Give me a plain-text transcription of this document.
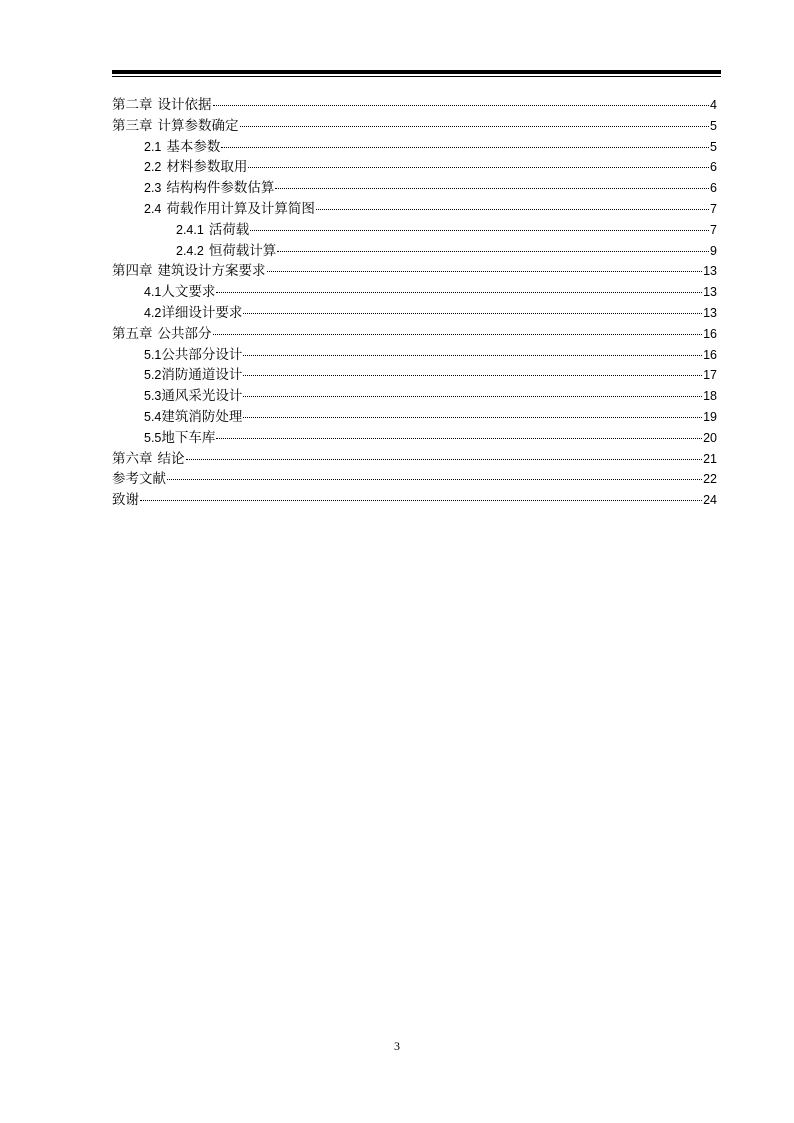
第二章 设计依据	4
第三章 计算参数确定	5
2.1 基本参数	5
2.2 材料参数取用	6
2.3 结构构件参数估算	6
2.4 荷载作用计算及计算简图	7
2.4.1 活荷载	7
2.4.2 恒荷载计算	9
第四章 建筑设计方案要求	13
4.1 人文要求	13
4.2 详细设计要求	13
第五章 公共部分	16
5.1 公共部分设计	16
5.2 消防通道设计	17
5.3 通风采光设计	18
5.4 建筑消防处理	19
5.5 地下车库	20
第六章 结论	21
参考文献	22
致谢	24
3
